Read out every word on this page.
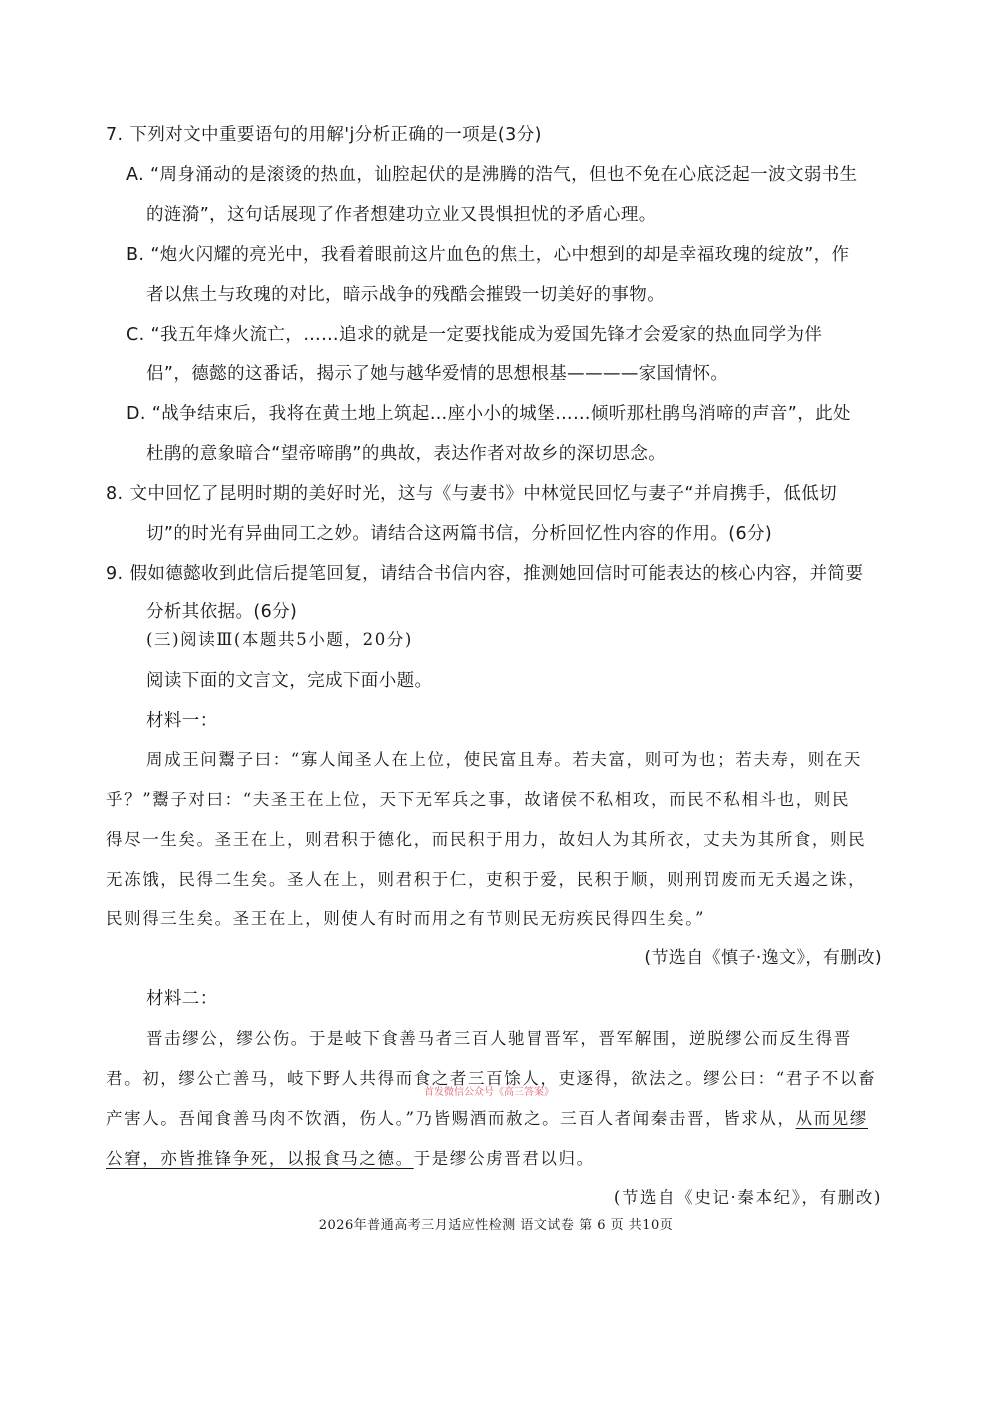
7. 下列对文中重要语句的用解'j分析正确的一项是(3分)
A. “周身涌动的是滚烫的热血，讪腔起伏的是沸腾的浩气，但也不免在心底泛起一波文弱书生
的涟漪”，这句话展现了作者想建功立业又畏惧担忧的矛盾心理。
B. “炮火闪耀的亮光中，我看着眼前这片血色的焦土，心中想到的却是幸福玫瑰的绽放”，作
者以焦土与玫瑰的对比，暗示战争的残酷会摧毁一切美好的事物。
C. “我五年烽火流亡，……追求的就是一定要找能成为爱国先锋才会爱家的热血同学为伴
侣”，德懿的这番话，揭示了她与越华爱情的思想根基————家国情怀。
D. “战争结束后，我将在黄土地上筑起…座小小的城堡……倾听那杜鹃鸟消啼的声音”，此处
杜鹃的意象暗合“望帝啼鹃”的典故，表达作者对故乡的深切思念。
8. 文中回忆了昆明时期的美好时光，这与《与妻书》中林觉民回忆与妻子“并肩携手，低低切
切”的时光有异曲同工之妙。请结合这两篇书信，分析回忆性内容的作用。(6分)
9. 假如德懿收到此信后提笔回复，请结合书信内容，推测她回信时可能表达的核心内容，并简要
分析其依据。(6分)
(三)阅读Ⅲ(本题共5小题，20分)
阅读下面的文言文，完成下面小题。
材料一：
周成王问鬻子曰：“寡人闻圣人在上位，使民富且寿。若夫富，则可为也；若夫寿，则在天
乎？”鬻子对曰：“夫圣王在上位，天下无军兵之事，故诸侯不私相攻，而民不私相斗也，则民
得尽一生矣。圣王在上，则君积于德化，而民积于用力，故妇人为其所衣，丈夫为其所食，则民
无冻饿，民得二生矣。圣人在上，则君积于仁，吏积于爱，民积于顺，则刑罚废而无夭遏之诛，
民则得三生矣。圣王在上，则使人有时而用之有节则民无疠疾民得四生矣。”
(节选自《慎子·逸文》，有删改)
材料二：
晋击缪公，缪公伤。于是岐下食善马者三百人驰冒晋军，晋军解围，逆脱缪公而反生得晋
君。初，缪公亡善马，岐下野人共得而食之者三百馀人，吏逐得，欲法之。缪公曰：“君子不以畜
产害人。吾闻食善马肉不饮酒，伤人。”乃皆赐酒而赦之。三百人者闻秦击晋，皆求从，从而见缪
公窘，亦皆推锋争死，以报食马之德。于是缪公虏晋君以归。
(节选自《史记·秦本纪》，有删改)
首发微信公众号《高三答案》
2026年普通高考三月适应性检测 语文试卷 第 6 页 共10页
